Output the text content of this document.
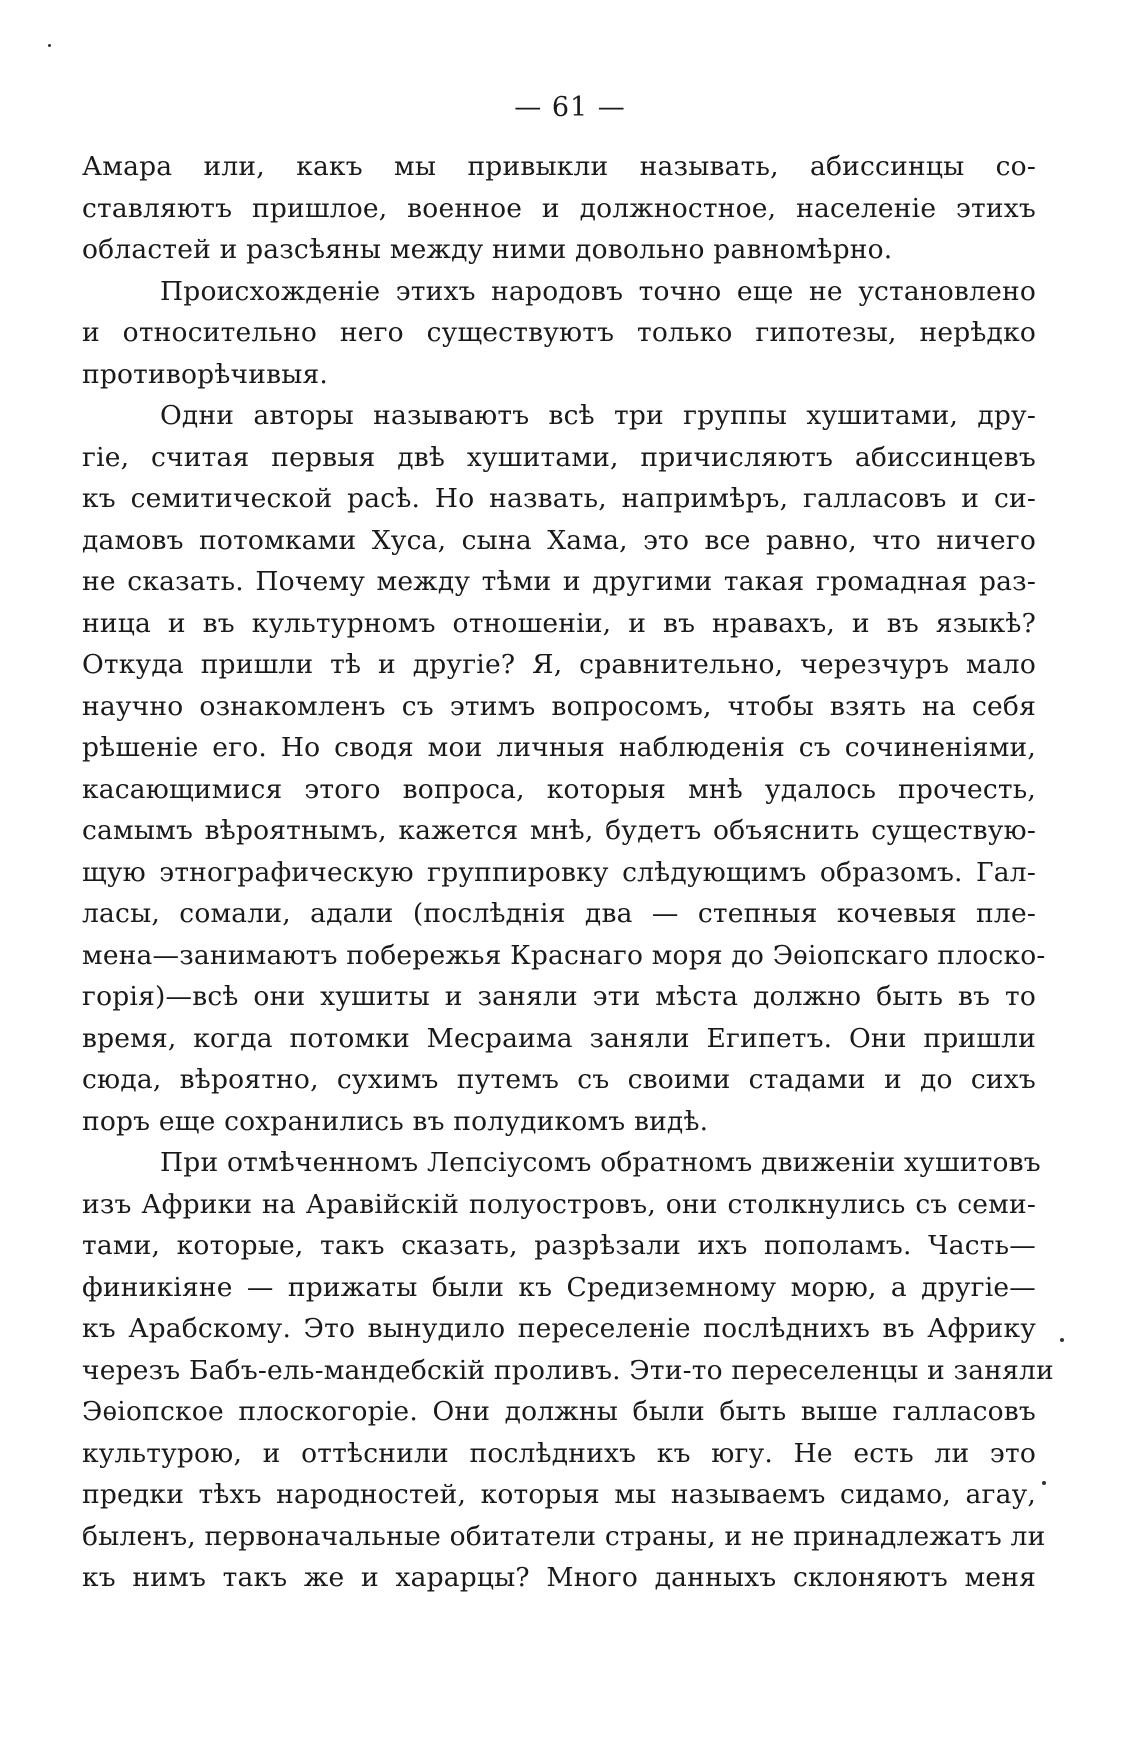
— 61 —
Амара или, какъ мы привыкли называть, абиссинцы со-
ставляютъ пришлое, военное и должностное, населеніе этихъ
областей и разсѣяны между ними довольно равномѣрно.
Происхожденіе этихъ народовъ точно еще не установлено
и относительно него существуютъ только гипотезы, нерѣдко
противорѣчивыя.
Одни авторы называютъ всѣ три группы хушитами, дру-
гіе, считая первыя двѣ хушитами, причисляютъ абиссинцевъ
къ семитической расѣ. Но назвать, напримѣръ, галласовъ и си-
дамовъ потомками Хуса, сына Хама, это все равно, что ничего
не сказать. Почему между тѣми и другими такая громадная раз-
ница и въ культурномъ отношеніи, и въ нравахъ, и въ языкѣ?
Откуда пришли тѣ и другіе? Я, сравнительно, черезчуръ мало
научно ознакомленъ съ этимъ вопросомъ, чтобы взять на себя
рѣшеніе его. Но сводя мои личныя наблюденія съ сочиненіями,
касающимися этого вопроса, которыя мнѣ удалось прочесть,
самымъ вѣроятнымъ, кажется мнѣ, будетъ объяснить существую-
щую этнографическую группировку слѣдующимъ образомъ. Гал-
ласы, сомали, адали (послѣднія два — степныя кочевыя пле-
мена—занимаютъ побережья Краснаго моря до Эѳіопскаго плоско-
горія)—всѣ они хушиты и заняли эти мѣста должно быть въ то
время, когда потомки Месраима заняли Египетъ. Они пришли
сюда, вѣроятно, сухимъ путемъ съ своими стадами и до сихъ
поръ еще сохранились въ полудикомъ видѣ.
При отмѣченномъ Лепсіусомъ обратномъ движеніи хушитовъ
изъ Африки на Аравійскій полуостровъ, они столкнулись съ семи-
тами, которые, такъ сказать, разрѣзали ихъ пополамъ. Часть—
финикіяне — прижаты были къ Средиземному морю, а другіе—
къ Арабскому. Это вынудило переселеніе послѣднихъ въ Африку
черезъ Бабъ-ель-мандебскій проливъ. Эти-то переселенцы и заняли
Эѳіопское плоскогоріе. Они должны были быть выше галласовъ
культурою, и оттѣснили послѣднихъ къ югу. Не есть ли это
предки тѣхъ народностей, которыя мы называемъ сидамо, агау,
быленъ, первоначальные обитатели страны, и не принадлежатъ ли
къ нимъ такъ же и харарцы? Много данныхъ склоняютъ меня
